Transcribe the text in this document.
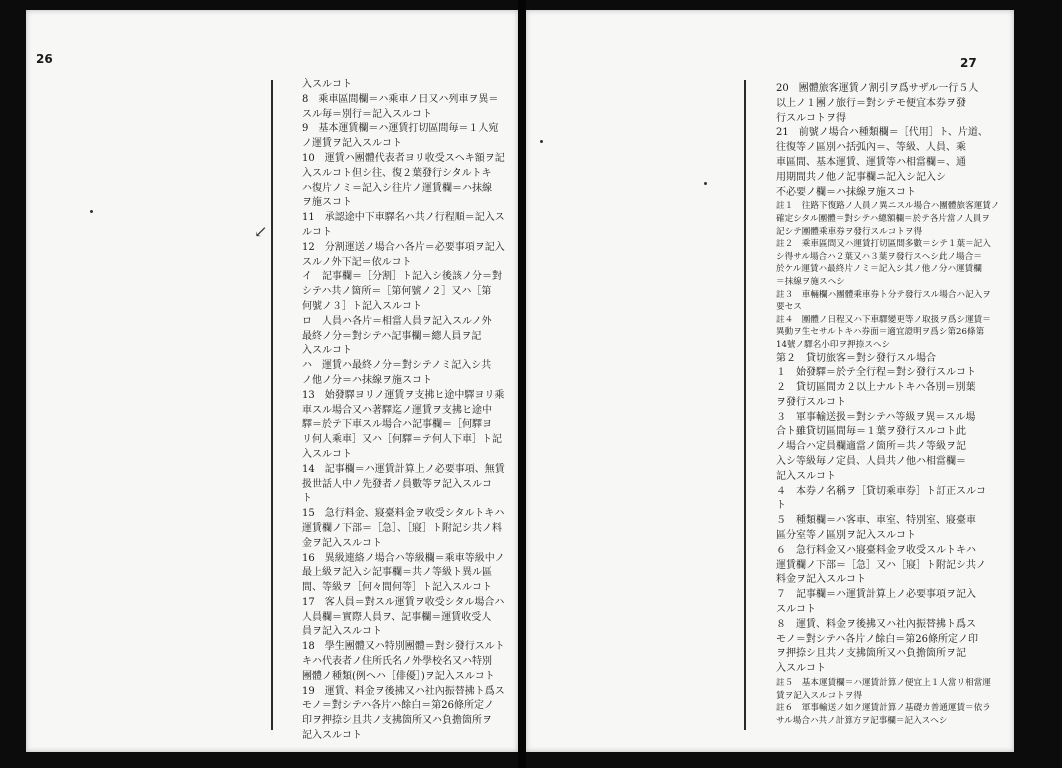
26
↙

入スルコト

8　乘車區間欄＝ハ乘車ノ日又ハ列車ヲ異＝

スル毎＝別行＝記入スルコト

9　基本運賃欄＝ハ運賃打切區間毎＝１人宛

ノ運賃ヲ記入スルコト

10　運賃ハ團體代表者ヨリ收受スヘキ額ヲ記

入スルコト但シ往、復２葉發行シタルトキ

ハ復片ノミ＝記入シ往片ノ運賃欄＝ハ抹線

ヲ施スコト

11　承認途中下車驛名ハ共ノ行程順＝記入ス

ルコト

12　分割運送ノ場合ハ各片＝必要事項ヲ記入

スルノ外下記＝依ルコト

イ　記事欄＝［分割］ト記入シ後該ノ分＝對

シテハ共ノ箇所＝［第何號ノ２］又ハ［第

何號ノ３］ト記入スルコト

ロ　人員ハ各片＝相當人員ヲ記入スルノ外

最終ノ分＝對シテハ記事欄＝總人員ヲ記

入スルコト

ハ　運賃ハ最終ノ分＝對シテノミ記入シ共

ノ他ノ分＝ハ抹線ヲ施スコト

13　始發驛ヨリノ運賃ヲ支拂ヒ途中驛ヨリ乘

車スル場合又ハ著驛迄ノ運賃ヲ支拂ヒ途中

驛＝於テ下車スル場合ハ記事欄＝［何驛ヨ

リ何人乘車］又ハ［何驛＝テ何人下車］ト記

入スルコト

14　記事欄＝ハ運賃計算上ノ必要事項、無賃

扱世話人中ノ先發者ノ員數等ヲ記入スルコ

ト

15　急行料金、寢臺料金ヲ收受シタルトキハ

運賃欄ノ下部＝［急］、［寢］ト附記シ共ノ料

金ヲ記入スルコト

16　異級連絡ノ場合ハ等級欄＝乘車等級中ノ

最上級ヲ記入シ記事欄＝共ノ等級ト異ル區

間、等級ヲ［何々間何等］ト記入スルコト

17　客人員＝對スル運賃ヲ收受シタル場合ハ

人員欄＝實際人員ヲ、記事欄＝運賃收受人

員ヲ記入スルコト

18　學生團體又ハ特別團體＝對シ發行スルト

キハ代表者ノ住所氏名ノ外學校名又ハ特別

團體ノ種類(例ヘハ［俳優］)ヲ記入スルコト

19　運賃、料金ヲ後拂又ハ社內振替拂ト爲ス

モノ＝對シテハ各片ハ餘白＝第26條所定ノ

印ヲ押捺シ且共ノ支拂箇所又ハ負擔箇所ヲ

記入スルコト

27

20　團體旅客運賃ノ割引ヲ爲サザル一行５人

以上ノ１團ノ旅行＝對シテモ便宜本券ヲ發

行スルコトヲ得

21　前號ノ場合ハ種類欄＝［代用］ト、片道、

往復等ノ區別ハ括弧內＝、等級、人員、乘

車區間、基本運賃、運賃等ハ相當欄＝、通

用期間共ノ他ノ記事欄ニ記入シ記入シ

不必要ノ欄＝ハ抹線ヲ施スコト

註１　往路下復路ノ人員ノ異ニスル場合ハ團體旅客運賃ノ

確定シタル團體＝對シテハ總額欄＝於テ各片當ノ人員ヲ

記シテ團體乘車券ヲ發行スルコトヲ得

註２　乘車區間又ハ運賃打切區間多數＝シテ１葉＝記入

シ得サル場合ハ２葉又ハ３葉ヲ發行スヘシ此ノ場合＝

於ケル運賃ハ最終片ノミ＝記入シ其ノ他ノ分ハ運賃欄

＝抹線ヲ施スヘシ

註３　車輛欄ハ團體乘車券ト分テ發行スル場合ハ記入ヲ

要セス

註４　團體ノ日程又ハ下車驛變更等ノ取扱ヲ爲シ運賃＝

異動ヲ生セサルトキハ券面＝適宜證明ヲ爲シ第26條第

14號ノ驛名小印ヲ押捺スヘシ

第２　貸切旅客＝對シ發行スル場合

１　始發驛＝於テ全行程＝對シ發行スルコト

２　貸切區間カ２以上ナルトキハ各別＝別葉

ヲ發行スルコト

３　軍事輸送扱＝對シテハ等級ヲ異＝スル場

合ト雖貸切區間毎＝１葉ヲ發行スルコト此

ノ場合ハ定員欄適當ノ箇所＝共ノ等級ヲ記

入シ等級毎ノ定員、人員共ノ他ハ相當欄＝

記入スルコト

４　本券ノ名稱ヲ［貸切乘車券］ト訂正スルコ

ト

５　種類欄＝ハ客車、車室、特別室、寢臺車

區分室等ノ區別ヲ記入スルコト

６　急行料金又ハ寢臺料金ヲ收受スルトキハ

運賃欄ノ下部＝［急］又ハ［寢］ト附記シ共ノ

料金ヲ記入スルコト

７　記事欄＝ハ運賃計算上ノ必要事項ヲ記入

スルコト

８　運賃、料金ヲ後拂又ハ社內振替拂ト爲ス

モノ＝對シテハ各片ノ餘白＝第26條所定ノ印

ヲ押捺シ且共ノ支拂箇所又ハ負擔箇所ヲ記

入スルコト

註５　基本運賃欄＝ハ運賃計算ノ便宜上１人當リ相當運

賃ヲ記入スルコトヲ得

註６　軍事輸送ノ如ク運賃計算ノ基礎カ普通運賃＝依ラ

サル場合ハ共ノ計算方ヲ記事欄＝記入スヘシ
